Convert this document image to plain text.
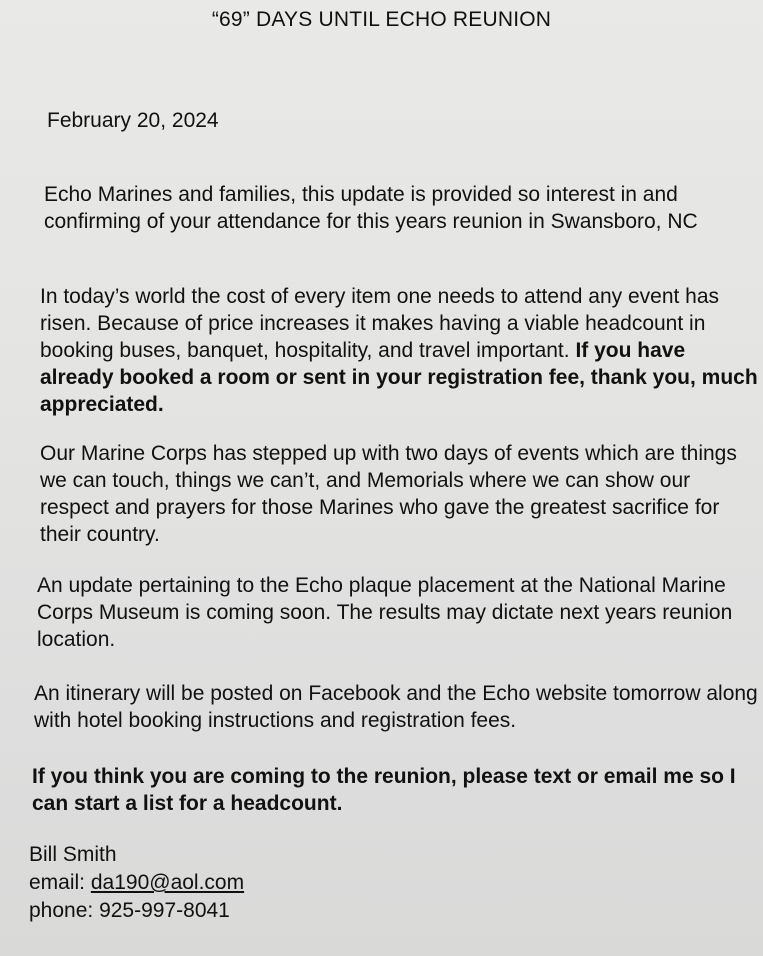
“69” DAYS UNTIL ECHO REUNION
February 20, 2024

Echo Marines and families, this update is provided so interest in and confirming of your attendance for this years reunion in Swansboro, NC

In today’s world the cost of every item one needs to attend any event has risen. Because of price increases it makes having a viable headcount in booking buses, banquet, hospitality, and travel important. If you have already booked a room or sent in your registration fee, thank you, much appreciated.

Our Marine Corps has stepped up with two days of events which are things we can touch, things we can’t, and Memorials where we can show our respect and prayers for those Marines who gave the greatest sacrifice for their country.

An update pertaining to the Echo plaque placement at the National Marine Corps Museum is coming soon. The results may dictate next years reunion location.

An itinerary will be posted on Facebook and the Echo website tomorrow along with hotel booking instructions and registration fees.

If you think you are coming to the reunion, please text or email me so I can start a list for a headcount.

Bill Smith
email: da190@aol.com
phone: 925-997-8041
